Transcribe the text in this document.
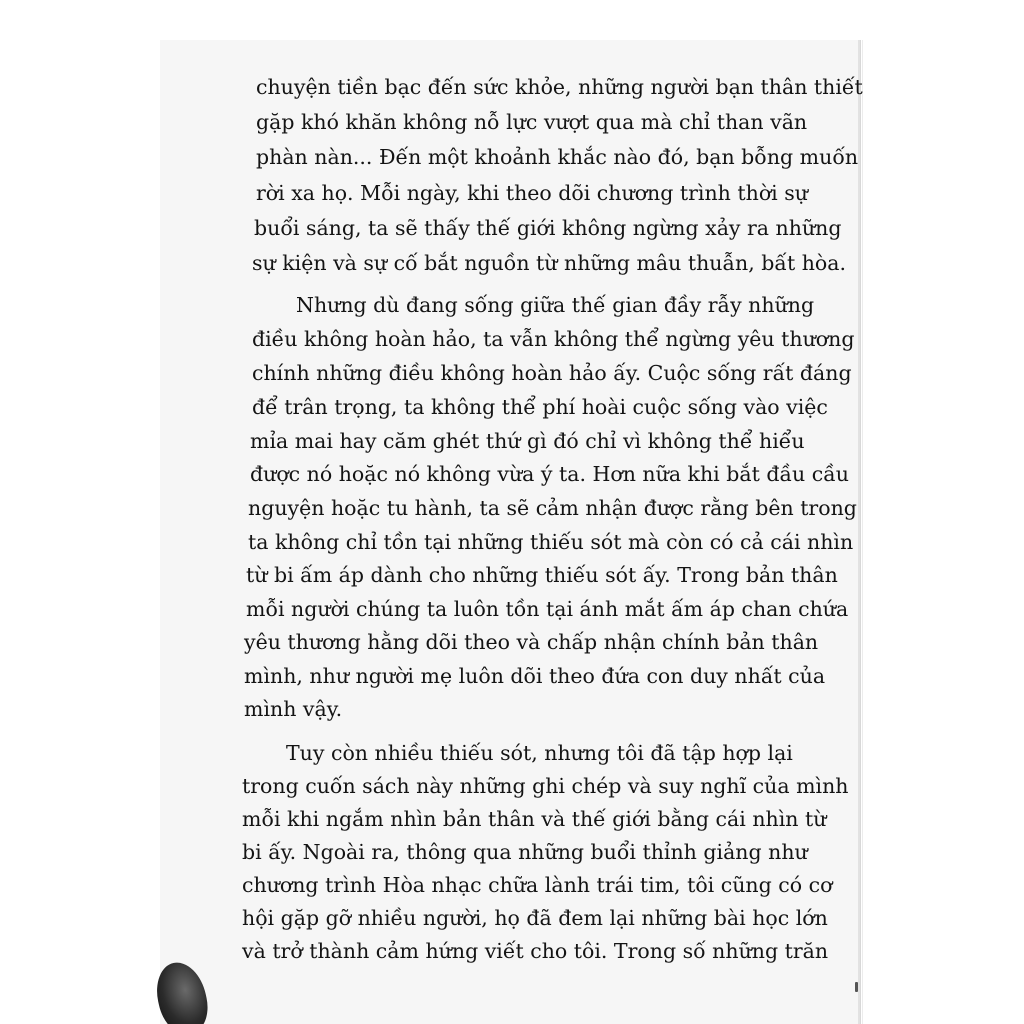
chuyện tiền bạc đến sức khỏe, những người bạn thân thiết
gặp khó khăn không nỗ lực vượt qua mà chỉ than vãn
phàn nàn... Đến một khoảnh khắc nào đó, bạn bỗng muốn
rời xa họ. Mỗi ngày, khi theo dõi chương trình thời sự
buổi sáng, ta sẽ thấy thế giới không ngừng xảy ra những
sự kiện và sự cố bắt nguồn từ những mâu thuẫn, bất hòa.
Nhưng dù đang sống giữa thế gian đầy rẫy những
điều không hoàn hảo, ta vẫn không thể ngừng yêu thương
chính những điều không hoàn hảo ấy. Cuộc sống rất đáng
để trân trọng, ta không thể phí hoài cuộc sống vào việc
mỉa mai hay căm ghét thứ gì đó chỉ vì không thể hiểu
được nó hoặc nó không vừa ý ta. Hơn nữa khi bắt đầu cầu
nguyện hoặc tu hành, ta sẽ cảm nhận được rằng bên trong
ta không chỉ tồn tại những thiếu sót mà còn có cả cái nhìn
từ bi ấm áp dành cho những thiếu sót ấy. Trong bản thân
mỗi người chúng ta luôn tồn tại ánh mắt ấm áp chan chứa
yêu thương hằng dõi theo và chấp nhận chính bản thân
mình, như người mẹ luôn dõi theo đứa con duy nhất của
mình vậy.
Tuy còn nhiều thiếu sót, nhưng tôi đã tập hợp lại
trong cuốn sách này những ghi chép và suy nghĩ của mình
mỗi khi ngắm nhìn bản thân và thế giới bằng cái nhìn từ
bi ấy. Ngoài ra, thông qua những buổi thỉnh giảng như
chương trình Hòa nhạc chữa lành trái tim, tôi cũng có cơ
hội gặp gỡ nhiều người, họ đã đem lại những bài học lớn
và trở thành cảm hứng viết cho tôi. Trong số những trăn
